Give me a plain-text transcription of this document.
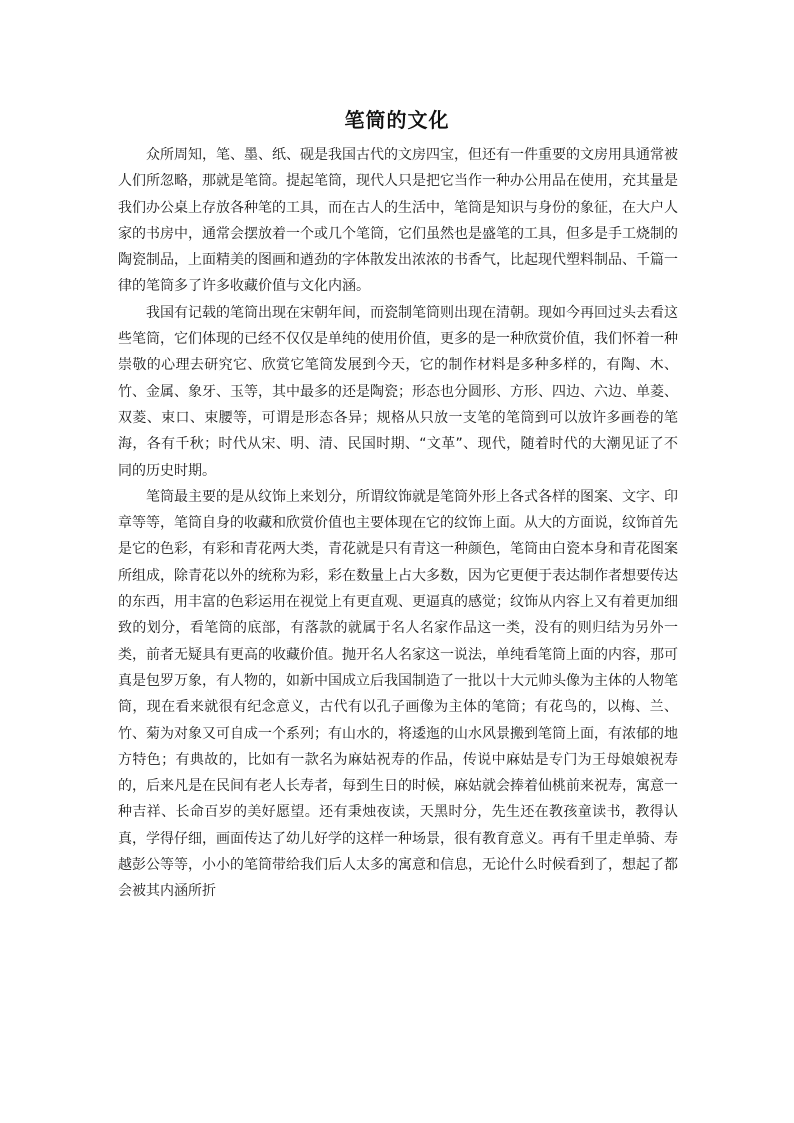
笔筒的文化

众所周知，笔、墨、纸、砚是我国古代的文房四宝，但还有一件重要的文房用具通常被人们所忽略，那就是笔筒。提起笔筒，现代人只是把它当作一种办公用品在使用，充其量是我们办公桌上存放各种笔的工具，而在古人的生活中，笔筒是知识与身份的象征，在大户人家的书房中，通常会摆放着一个或几个笔筒，它们虽然也是盛笔的工具，但多是手工烧制的陶瓷制品，上面精美的图画和遒劲的字体散发出浓浓的书香气，比起现代塑料制品、千篇一律的笔筒多了许多收藏价值与文化内涵。

我国有记载的笔筒出现在宋朝年间，而瓷制笔筒则出现在清朝。现如今再回过头去看这些笔筒，它们体现的已经不仅仅是单纯的使用价值，更多的是一种欣赏价值，我们怀着一种崇敬的心理去研究它、欣赏它笔筒发展到今天，它的制作材料是多种多样的，有陶、木、竹、金属、象牙、玉等，其中最多的还是陶瓷；形态也分圆形、方形、四边、六边、单菱、双菱、束口、束腰等，可谓是形态各异；规格从只放一支笔的笔筒到可以放许多画卷的笔海，各有千秋；时代从宋、明、清、民国时期、“文革”、现代，随着时代的大潮见证了不同的历史时期。

笔筒最主要的是从纹饰上来划分，所谓纹饰就是笔筒外形上各式各样的图案、文字、印章等等，笔筒自身的收藏和欣赏价值也主要体现在它的纹饰上面。从大的方面说，纹饰首先是它的色彩，有彩和青花两大类，青花就是只有青这一种颜色，笔筒由白瓷本身和青花图案所组成，除青花以外的统称为彩，彩在数量上占大多数，因为它更便于表达制作者想要传达的东西，用丰富的色彩运用在视觉上有更直观、更逼真的感觉；纹饰从内容上又有着更加细致的划分，看笔筒的底部，有落款的就属于名人名家作品这一类，没有的则归结为另外一类，前者无疑具有更高的收藏价值。抛开名人名家这一说法，单纯看笔筒上面的内容，那可真是包罗万象，有人物的，如新中国成立后我国制造了一批以十大元帅头像为主体的人物笔筒，现在看来就很有纪念意义，古代有以孔子画像为主体的笔筒；有花鸟的，以梅、兰、竹、菊为对象又可自成一个系列；有山水的，将逶迤的山水风景搬到笔筒上面，有浓郁的地方特色；有典故的，比如有一款名为麻姑祝寿的作品，传说中麻姑是专门为王母娘娘祝寿的，后来凡是在民间有老人长寿者，每到生日的时候，麻姑就会捧着仙桃前来祝寿，寓意一种吉祥、长命百岁的美好愿望。还有秉烛夜读，天黑时分，先生还在教孩童读书，教得认真，学得仔细，画面传达了幼儿好学的这样一种场景，很有教育意义。再有千里走单骑、寿越彭公等等，小小的笔筒带给我们后人太多的寓意和信息，无论什么时候看到了，想起了都会被其内涵所折
